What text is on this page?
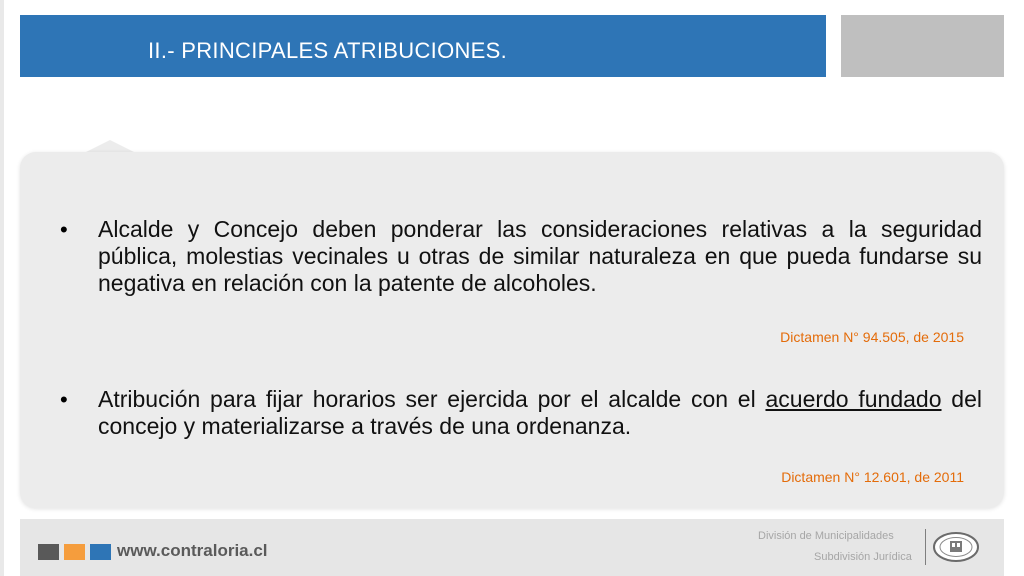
II.- PRINCIPALES ATRIBUCIONES.
•	Alcalde y Concejo deben ponderar las consideraciones relativas a la seguridad pública, molestias vecinales u otras de similar naturaleza en que pueda fundarse su negativa en relación con la patente de alcoholes.
Dictamen N° 94.505, de 2015
•	Atribución para fijar horarios ser ejercida por el alcalde con el acuerdo fundado del concejo y materializarse a través de una ordenanza.
Dictamen N° 12.601, de 2011
www.contraloria.cl
División de Municipalidades
Subdivisión Jurídica
